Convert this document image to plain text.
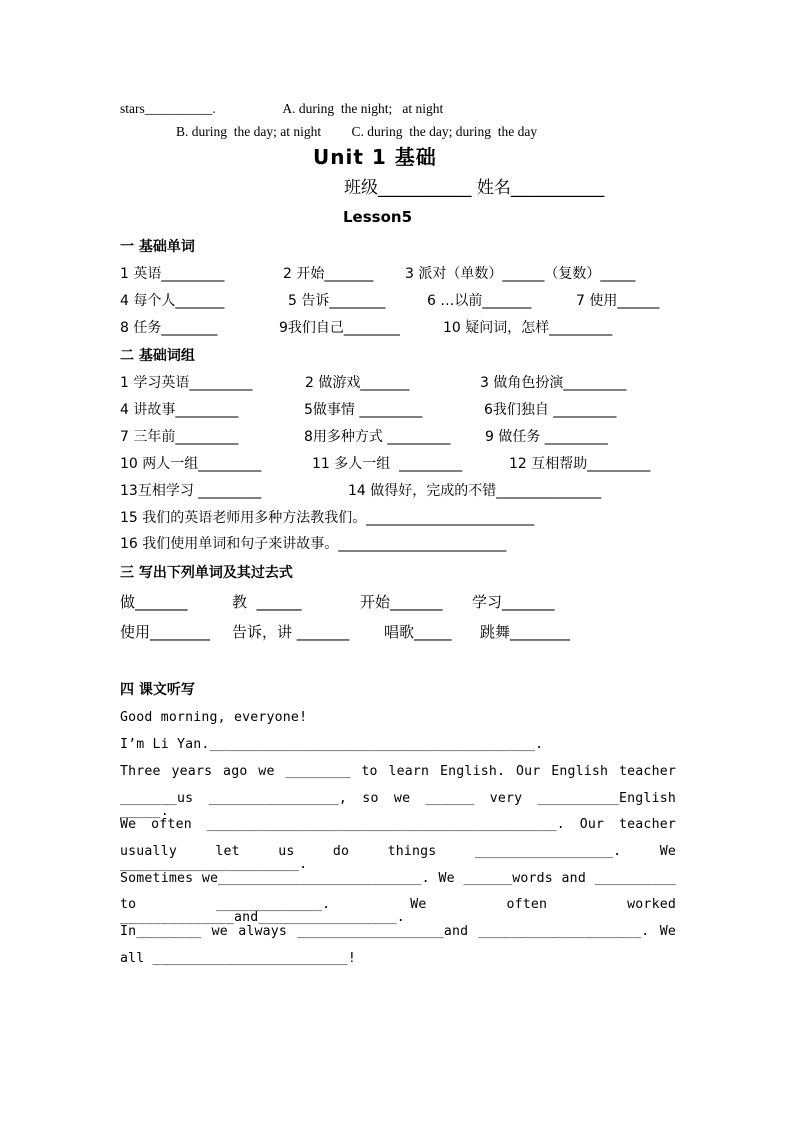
stars__________.                    A. during  the night;   at night
B. during  the day; at night         C. during  the day; during  the day
Unit 1 基础
班级___________ 姓名___________
Lesson5
一 基础单词
1 英语_________	2 开始_______ 3 派对（单数）______（复数）_____
4 每个人_______	5 告诉________	6 …以前_______	7 使用______
8 任务________	9我们自己________	10 疑问词，怎样_________
二 基础词组
1 学习英语_________	2 做游戏_______	3 做角色扮演_________
4 讲故事_________	5做事情 _________	6我们独自 _________
7 三年前_________	8用多种方式 _________ 9 做任务 _________
10 两人一组_________	11 多人一组  _________	12 互相帮助_________
13互相学习 _________	14 做得好，完成的不错_______________
15 我们的英语老师用多种方法教我们。________________________
16 我们使用单词和句子来讲故事。________________________
三 写出下列单词及其过去式
做_______	教  ______	开始_______ 学习_______
使用________ 告诉，讲 _______ 唱歌_____ 跳舞________
四 课文听写
Good morning, everyone!
I’m Li Yan.________________________________________.
Three years ago we ________ to learn English. Our English teacher
_______us ________________, so we ______ very __________English _____.
We often ___________________________________________. Our teacher
usually let us do things _________________. We ______________________.
Sometimes we_________________________. We ______words and __________
to _____________. We often worked ______________and_________________.
In________ we always __________________and ____________________. We
all ________________________!
